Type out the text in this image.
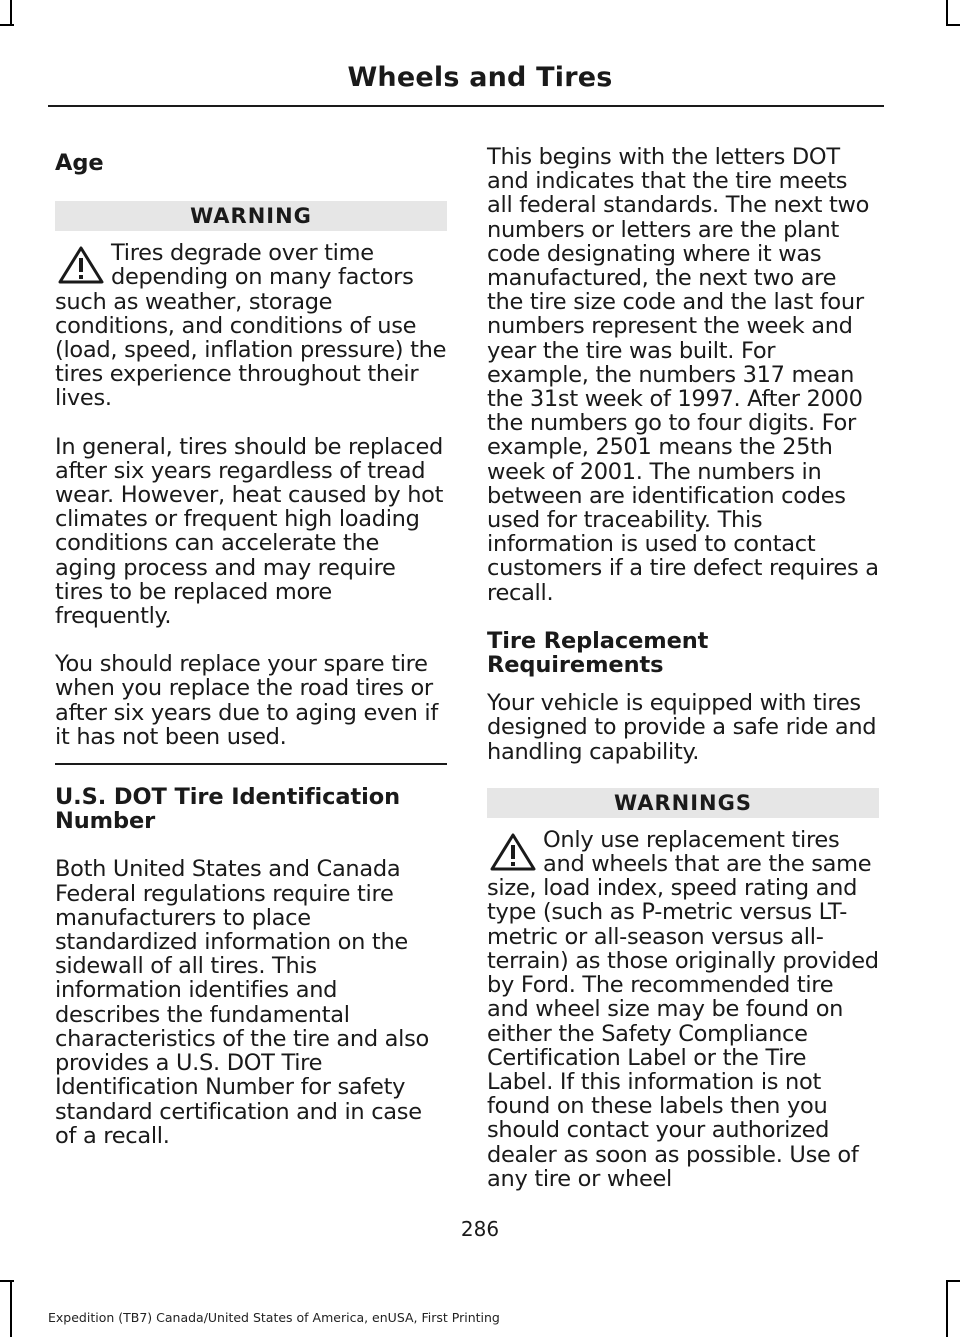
Wheels and Tires
Age
WARNING
Tires degrade over time depending on many factors such as weather, storage conditions, and conditions of use (load, speed, inflation pressure) the tires experience throughout their lives.

In general, tires should be replaced after six years regardless of tread wear. However, heat caused by hot climates or frequent high loading conditions can accelerate the aging process and may require tires to be replaced more frequently.

You should replace your spare tire when you replace the road tires or after six years due to aging even if it has not been used.

U.S. DOT Tire Identification Number

Both United States and Canada Federal regulations require tire manufacturers to place standardized information on the sidewall of all tires. This information identifies and describes the fundamental characteristics of the tire and also provides a U.S. DOT Tire Identification Number for safety standard certification and in case of a recall.

This begins with the letters DOT and indicates that the tire meets all federal standards. The next two numbers or letters are the plant code designating where it was manufactured, the next two are the tire size code and the last four numbers represent the week and year the tire was built. For example, the numbers 317 mean the 31st week of 1997. After 2000 the numbers go to four digits. For example, 2501 means the 25th week of 2001. The numbers in between are identification codes used for traceability. This information is used to contact customers if a tire defect requires a recall.

Tire Replacement Requirements

Your vehicle is equipped with tires designed to provide a safe ride and handling capability.

WARNINGS
Only use replacement tires and wheels that are the same size, load index, speed rating and type (such as P-metric versus LT-metric or all-season versus all-terrain) as those originally provided by Ford. The recommended tire and wheel size may be found on either the Safety Compliance Certification Label or the Tire Label. If this information is not found on these labels then you should contact your authorized dealer as soon as possible. Use of any tire or wheel
286
Expedition (TB7) Canada/United States of America, enUSA, First Printing
